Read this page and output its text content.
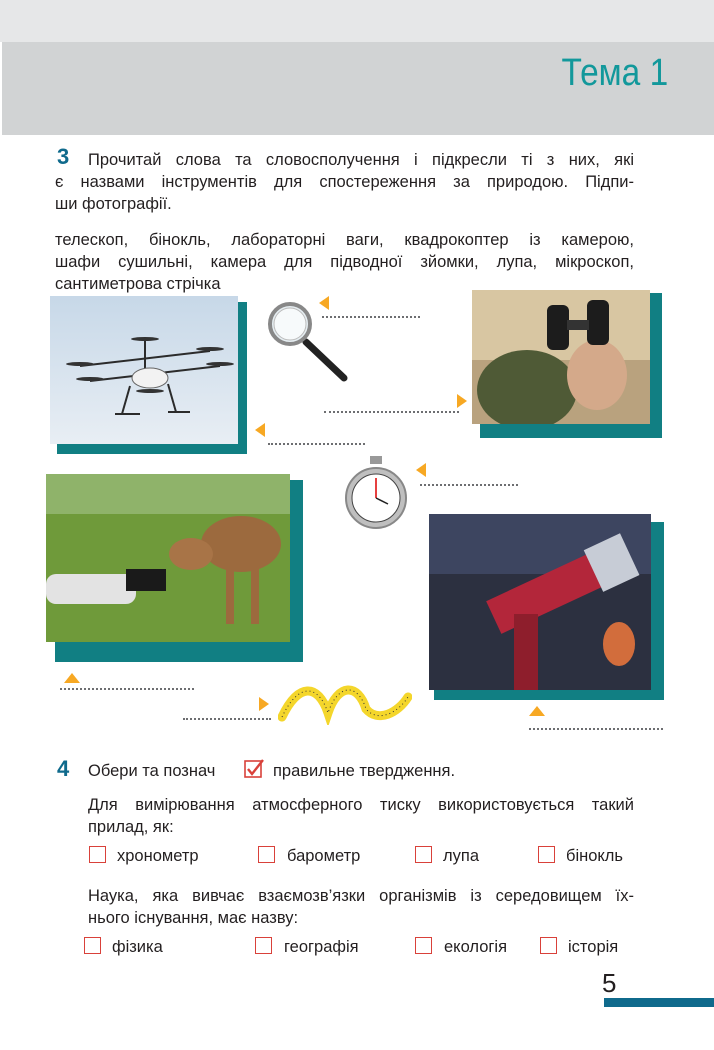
Тема 1
3 Прочитай слова та словосполучення і підкресли ті з них, які
є назвами інструментів для спостереження за природою. Підпи-
ши фотографії.
телескоп, бінокль, лабораторні ваги, квадрокоптер із камерою,
шафи сушильні, камера для підводної зйомки, лупа, мікроскоп,
сантиметрова стрічка
4 Обери та познач	правильне твердження.
Для вимірювання атмосферного тиску використовується такий
прилад, як:
хронометр	барометр	лупа	бінокль
Наука, яка вивчає взаємозв’язки організмів із середовищем їх-
нього існування, має назву:
фізика	географія	екологія	історія
5
